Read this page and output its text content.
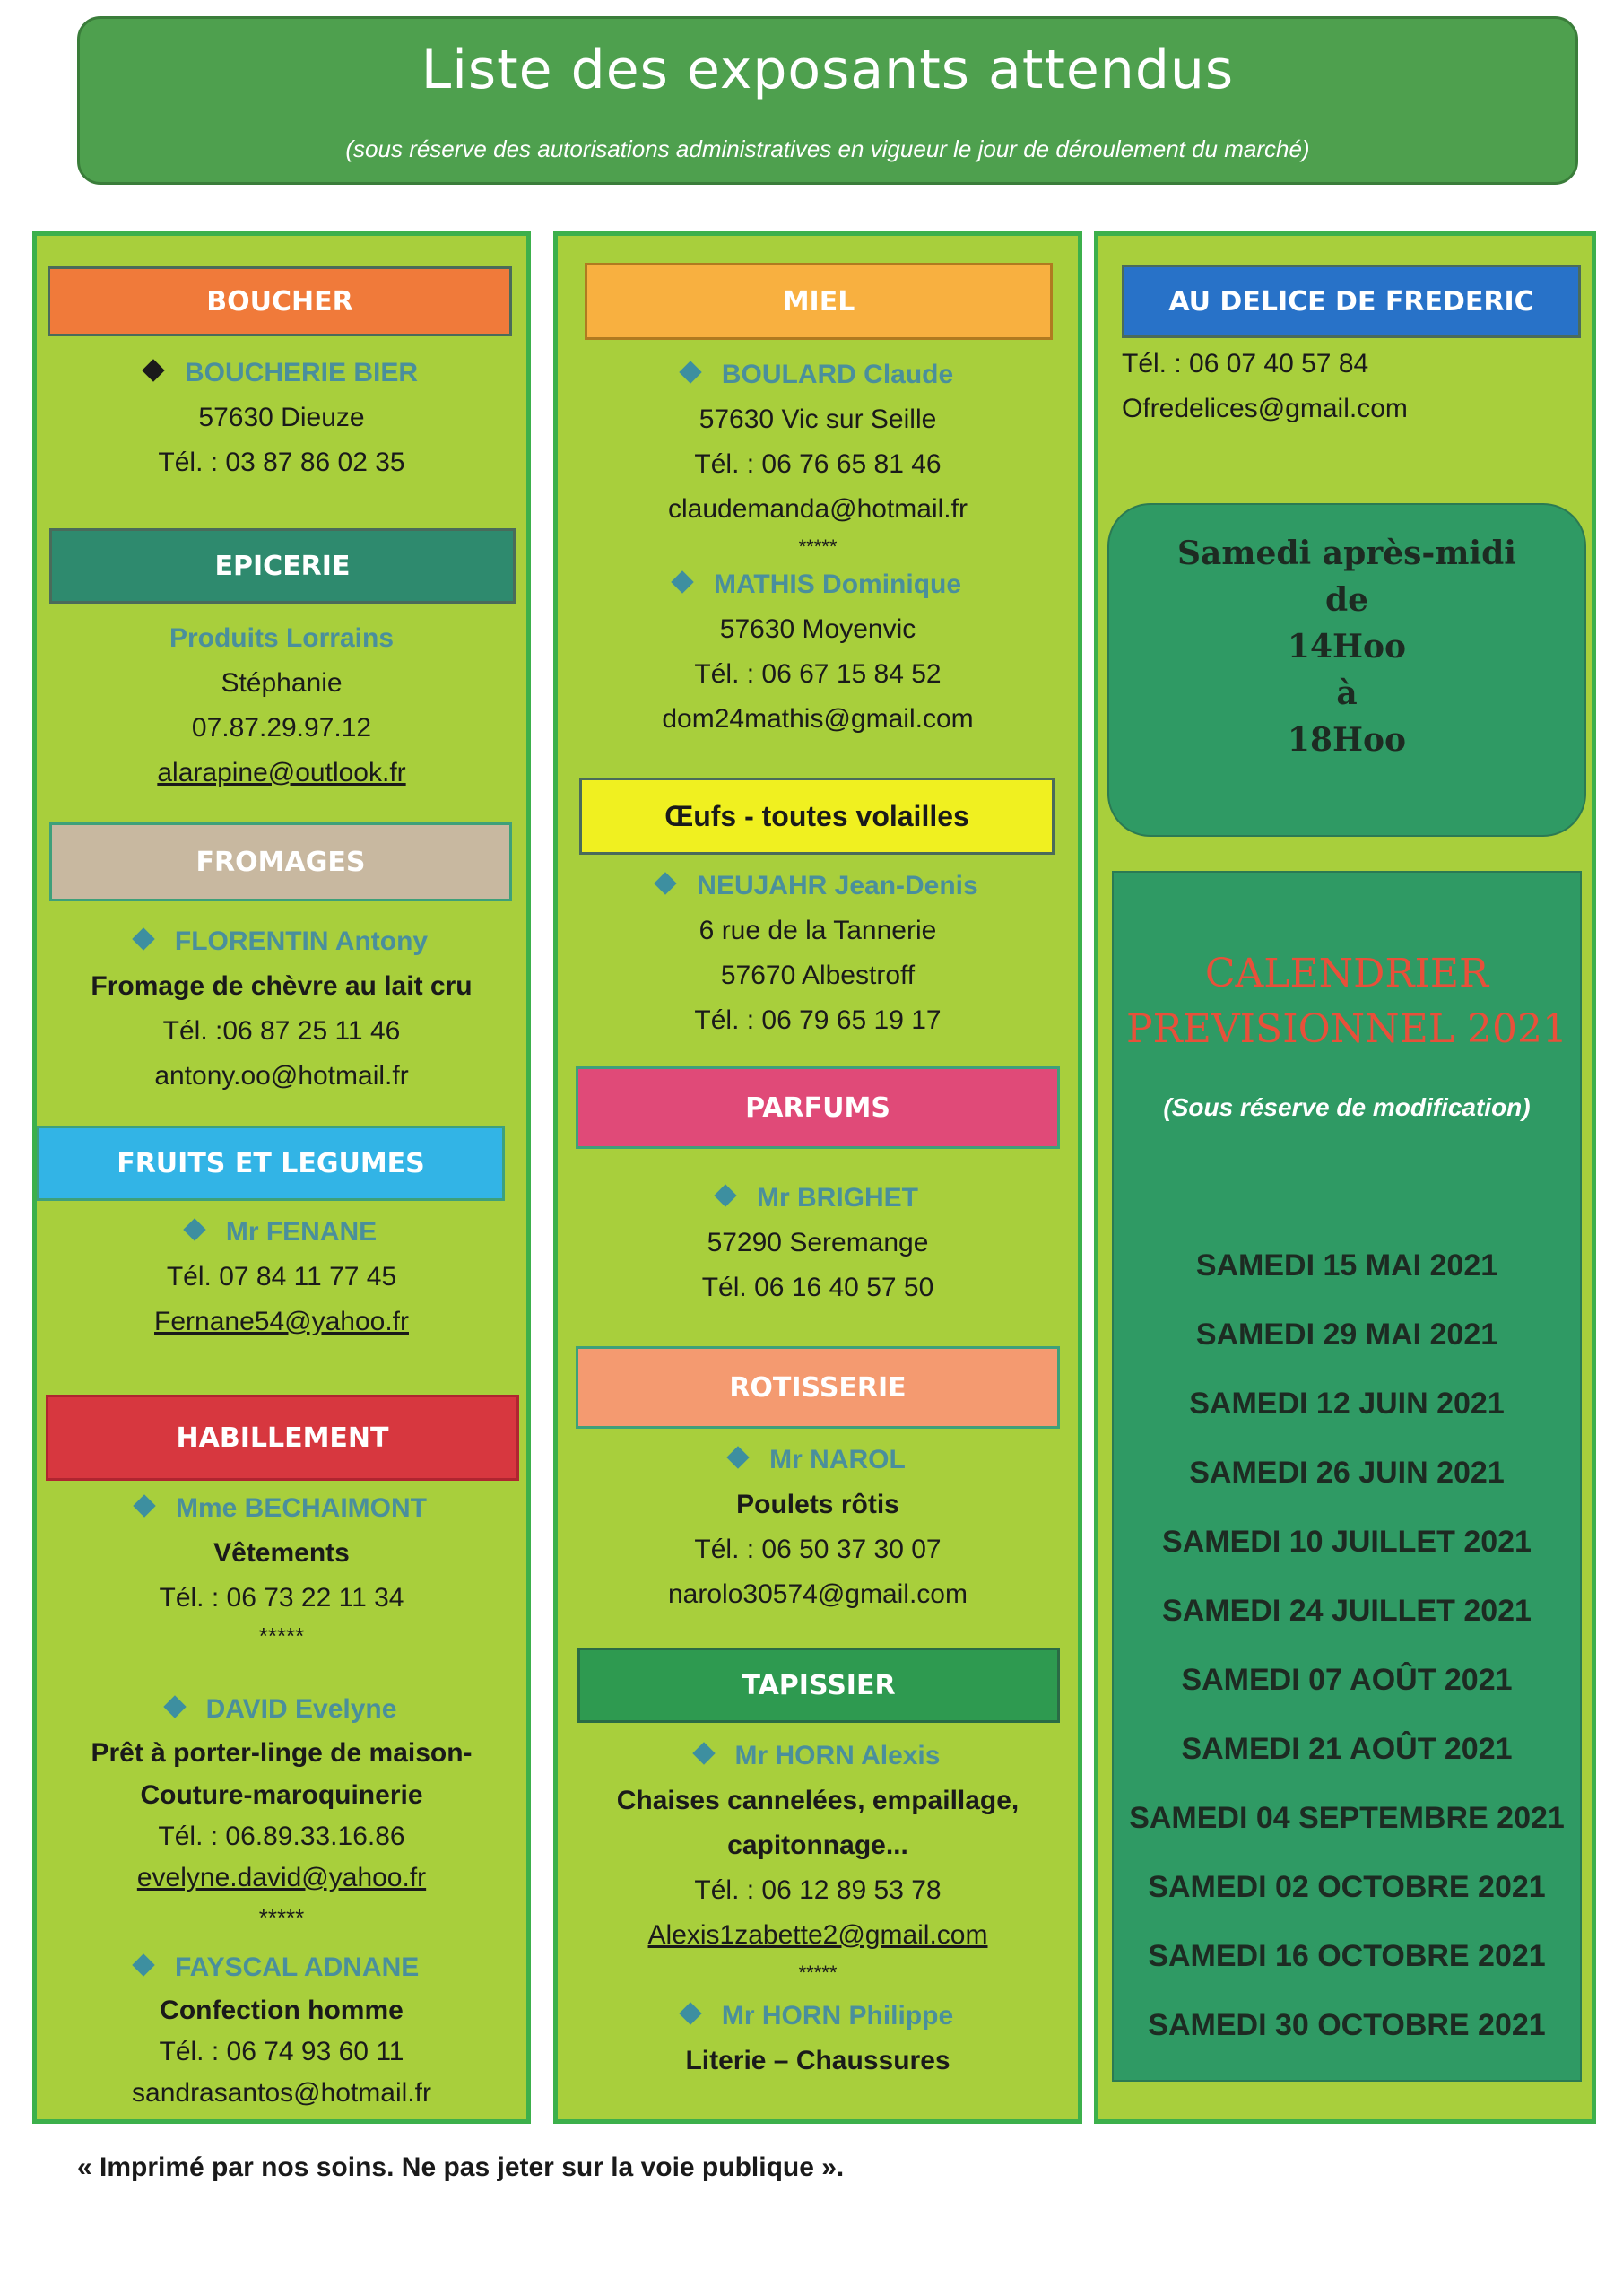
Liste des exposants attendus
(sous réserve des autorisations administratives en vigueur le jour de déroulement du marché)
BOUCHER
BOUCHERIE BIER
57630 Dieuze
Tél. : 03 87 86 02 35
EPICERIE
Produits Lorrains
Stéphanie
07.87.29.97.12
alarapine@outlook.fr
FROMAGES
FLORENTIN Antony
Fromage de chèvre au lait cru
Tél. :06 87 25 11 46
antony.oo@hotmail.fr
FRUITS ET LEGUMES
Mr FENANE
Tél. 07 84 11 77 45
Fernane54@yahoo.fr
HABILLEMENT
Mme BECHAIMONT
Vêtements
Tél. : 06 73 22 11 34
*****
DAVID Evelyne
Prêt à porter-linge de maison-
Couture-maroquinerie
Tél. : 06.89.33.16.86
evelyne.david@yahoo.fr
*****
FAYSCAL ADNANE
Confection homme
Tél. : 06 74 93 60 11
sandrasantos@hotmail.fr
MIEL
BOULARD Claude
57630 Vic sur Seille
Tél. : 06 76 65 81 46
claudemanda@hotmail.fr
*****
MATHIS Dominique
57630 Moyenvic
Tél. : 06 67 15 84 52
dom24mathis@gmail.com
Œufs - toutes volailles
NEUJAHR Jean-Denis
6 rue de la Tannerie
57670 Albestroff
Tél. : 06 79 65 19 17
PARFUMS
Mr BRIGHET
57290 Seremange
Tél. 06 16 40 57 50
ROTISSERIE
Mr NAROL
Poulets rôtis
Tél. : 06 50 37 30 07
narolo30574@gmail.com
TAPISSIER
Mr HORN Alexis
Chaises cannelées, empaillage,
capitonnage...
Tél. : 06 12 89 53 78
Alexis1zabette2@gmail.com
*****
Mr HORN Philippe
Literie – Chaussures
AU DELICE DE FREDERIC
Tél. : 06 07 40 57 84
Ofredelices@gmail.com
Samedi après-midi
de
14Hoo
à
18Hoo
CALENDRIER
PREVISIONNEL 2021
(Sous réserve de modification)
SAMEDI 15 MAI 2021
SAMEDI 29 MAI 2021
SAMEDI 12 JUIN 2021
SAMEDI 26 JUIN 2021
SAMEDI 10 JUILLET 2021
SAMEDI 24 JUILLET 2021
SAMEDI 07 AOÛT 2021
SAMEDI 21 AOÛT 2021
SAMEDI 04 SEPTEMBRE 2021
SAMEDI 02 OCTOBRE 2021
SAMEDI 16 OCTOBRE 2021
SAMEDI 30 OCTOBRE 2021
« Imprimé par nos soins. Ne pas jeter sur la voie publique ».
